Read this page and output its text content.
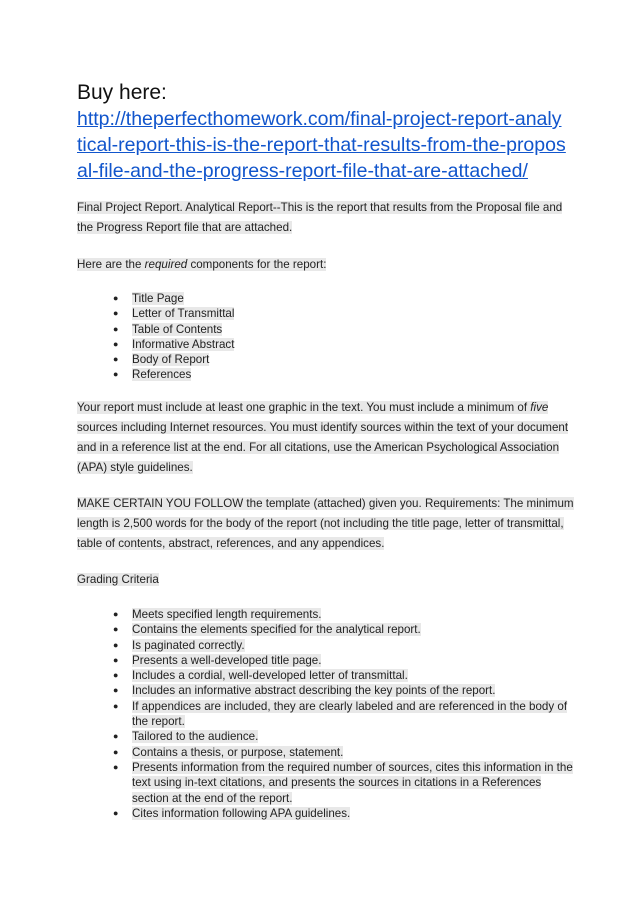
Buy here:
http://theperfecthomework.com/final-project-report-analy
tical-report-this-is-the-report-that-results-from-the-propos
al-file-and-the-progress-report-file-that-are-attached/
Final Project Report. Analytical Report--This is the report that results from the Proposal file and
the Progress Report file that are attached.
Here are the required components for the report:
● Title Page
● Letter of Transmittal
● Table of Contents
● Informative Abstract
● Body of Report
● References
Your report must include at least one graphic in the text. You must include a minimum of five
sources including Internet resources. You must identify sources within the text of your document
and in a reference list at the end. For all citations, use the American Psychological Association
(APA) style guidelines.
MAKE CERTAIN YOU FOLLOW the template (attached) given you. Requirements: The minimum
length is 2,500 words for the body of the report (not including the title page, letter of transmittal,
table of contents, abstract, references, and any appendices.
Grading Criteria
● Meets specified length requirements.
● Contains the elements specified for the analytical report.
● Is paginated correctly.
● Presents a well-developed title page.
● Includes a cordial, well-developed letter of transmittal.
● Includes an informative abstract describing the key points of the report.
● If appendices are included, they are clearly labeled and are referenced in the body of
the report.
● Tailored to the audience.
● Contains a thesis, or purpose, statement.
● Presents information from the required number of sources, cites this information in the
text using in-text citations, and presents the sources in citations in a References
section at the end of the report.
● Cites information following APA guidelines.
